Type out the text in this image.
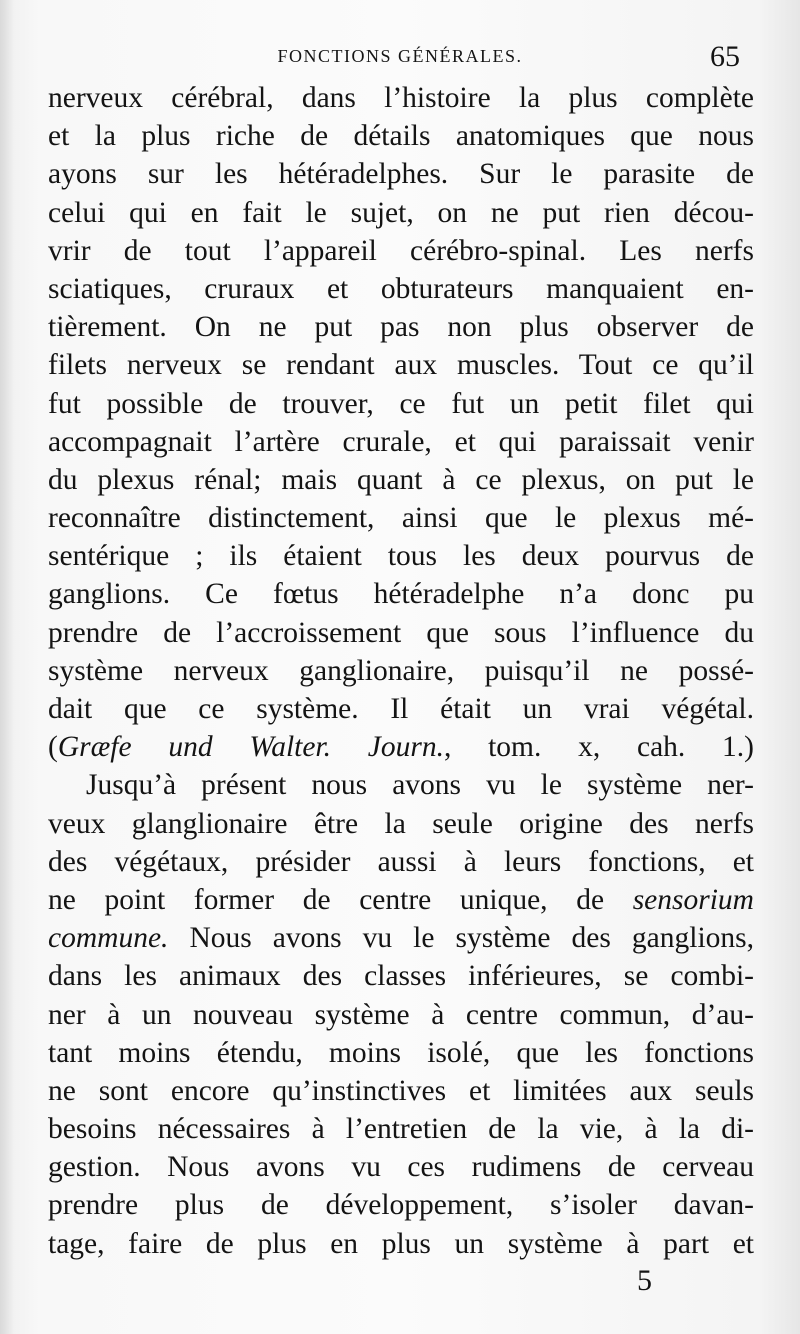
FONCTIONS GÉNÉRALES.	65
nerveux cérébral, dans l’histoire la plus complète
et la plus riche de détails anatomiques que nous
ayons sur les hétéradelphes. Sur le parasite de
celui qui en fait le sujet, on ne put rien décou-
vrir de tout l’appareil cérébro-spinal. Les nerfs
sciatiques, cruraux et obturateurs manquaient en-
tièrement. On ne put pas non plus observer de
filets nerveux se rendant aux muscles. Tout ce qu’il
fut possible de trouver, ce fut un petit filet qui
accompagnait l’artère crurale, et qui paraissait venir
du plexus rénal; mais quant à ce plexus, on put le
reconnaître distinctement, ainsi que le plexus mé-
sentérique ; ils étaient tous les deux pourvus de
ganglions. Ce fœtus hétéradelphe n’a donc pu
prendre de l’accroissement que sous l’influence du
système nerveux ganglionaire, puisqu’il ne possé-
dait que ce système. Il était un vrai végétal.
(Græfe und Walter. Journ., tom. x, cah. 1.)
Jusqu’à présent nous avons vu le système ner-
veux glanglionaire être la seule origine des nerfs
des végétaux, présider aussi à leurs fonctions, et
ne point former de centre unique, de sensorium
commune. Nous avons vu le système des ganglions,
dans les animaux des classes inférieures, se combi-
ner à un nouveau système à centre commun, d’au-
tant moins étendu, moins isolé, que les fonctions
ne sont encore qu’instinctives et limitées aux seuls
besoins nécessaires à l’entretien de la vie, à la di-
gestion. Nous avons vu ces rudimens de cerveau
prendre plus de développement, s’isoler davan-
tage, faire de plus en plus un système à part et
5
